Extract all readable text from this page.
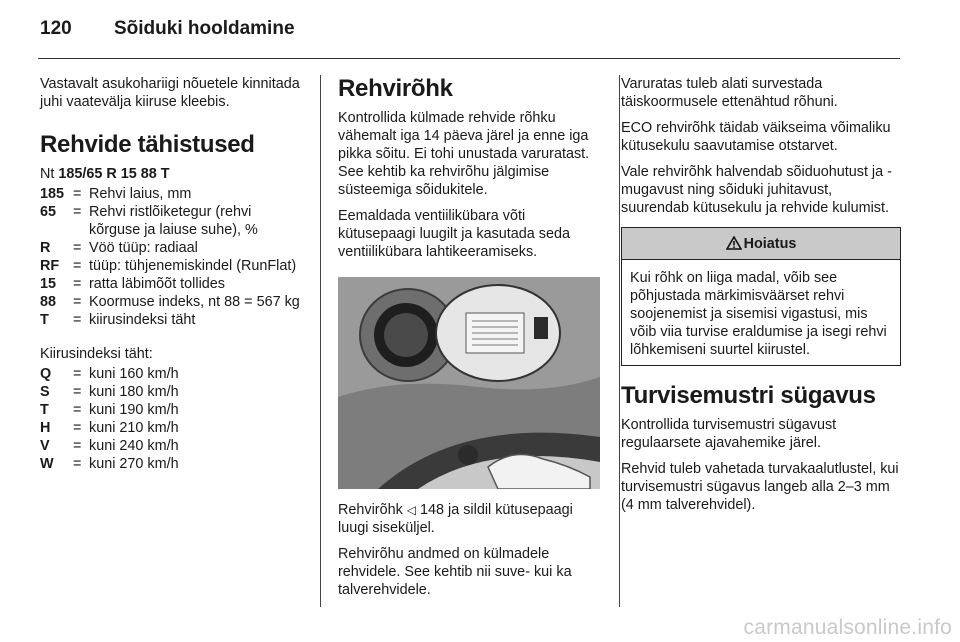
120 Sõiduki hooldamine

Vastavalt asukohariigi nõuetele kinnitada juhi vaatevälja kiiruse kleebis.

Rehvide tähistused

Nt 185/65 R 15 88 T

185 = Rehvi laius, mm
65	= Rehvi ristlõiketegur (rehvi kõrguse ja laiuse suhe), %
R	= Vöö tüüp: radiaal
RF = tüüp: tühjenemiskindel (RunFlat)
15	= ratta läbimõõt tollides
88	= Koormuse indeks, nt 88 = 567 kg
T	= kiirusindeksi täht

Kiirusindeksi täht:

Q	= kuni 160 km/h
S	= kuni 180 km/h
T	= kuni 190 km/h
H	= kuni 210 km/h
V	= kuni 240 km/h
W	= kuni 270 km/h
Rehvirõhk

Kontrollida külmade rehvide rõhku vähemalt iga 14 päeva järel ja enne iga pikka sõitu. Ei tohi unustada varuratast. See kehtib ka rehvirõhu jälgimise süsteemiga sõidukitele.

Eemaldada ventiilikübara võti kütusepaagi luugilt ja kasutada seda ventiilikübara lahtikeeramiseks.

Rehvirõhk ◁ 148 ja sildil kütusepaagi luugi siseküljel.

Rehvirõhu andmed on külmadele rehvidele. See kehtib nii suve- kui ka talverehvidele.

Varuratas tuleb alati survestada täiskoormusele ettenähtud rõhuni.

ECO rehvirõhk täidab väikseima võimaliku kütusekulu saavutamise otstarvet.

Vale rehvirõhk halvendab sõiduohutust ja -mugavust ning sõiduki juhitavust, suurendab kütusekulu ja rehvide kulumist.

Hoiatus
Kui rõhk on liiga madal, võib see põhjustada märkimisväärset rehvi soojenemist ja sisemisi vigastusi, mis võib viia turvise eraldumise ja isegi rehvi lõhkemiseni suurtel kiirustel.
Turvisemustri sügavus

Kontrollida turvisemustri sügavust regulaarsete ajavahemike järel.

Rehvid tuleb vahetada turvakaalutlustel, kui turvisemustri sügavus langeb alla 2–3 mm (4 mm talverehvidel).

carmanualsonline.info
